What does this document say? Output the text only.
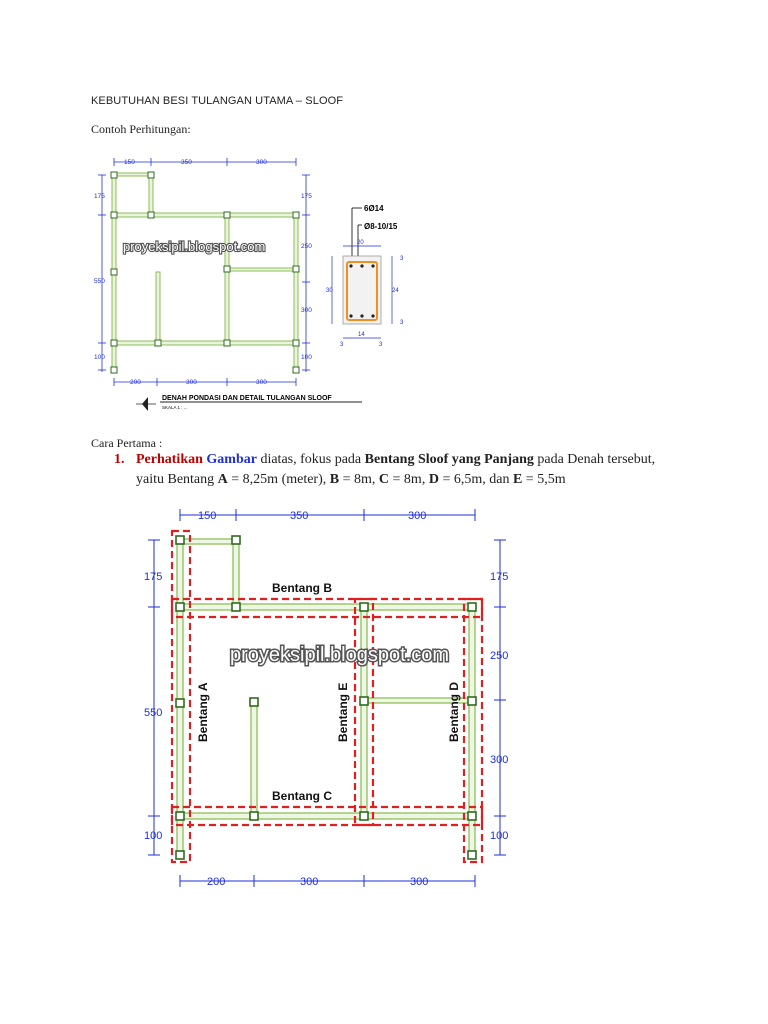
KEBUTUHAN BESI TULANGAN UTAMA – SLOOF
Contoh Perhitungan:
150	350	300
200	300	300
175
550
100
175
250
300
100
proyeksipil.blogspot.com
6Ø14
Ø8-10/15
20
30
3
24
3
3
14
3
DENAH PONDASI DAN DETAIL TULANGAN SLOOF
SKALA 1 : ...
Cara Pertama :
1. Perhatikan Gambar diatas, fokus pada Bentang Sloof yang Panjang pada Denah tersebut, yaitu Bentang A = 8,25m (meter), B = 8m, C = 8m, D = 6,5m, dan E = 5,5m
150	350	300
200	300	300
175
550
100
175
250
300
100
Bentang B
Bentang C
Bentang A	Bentang E	Bentang D
proyeksipil.blogspot.com
